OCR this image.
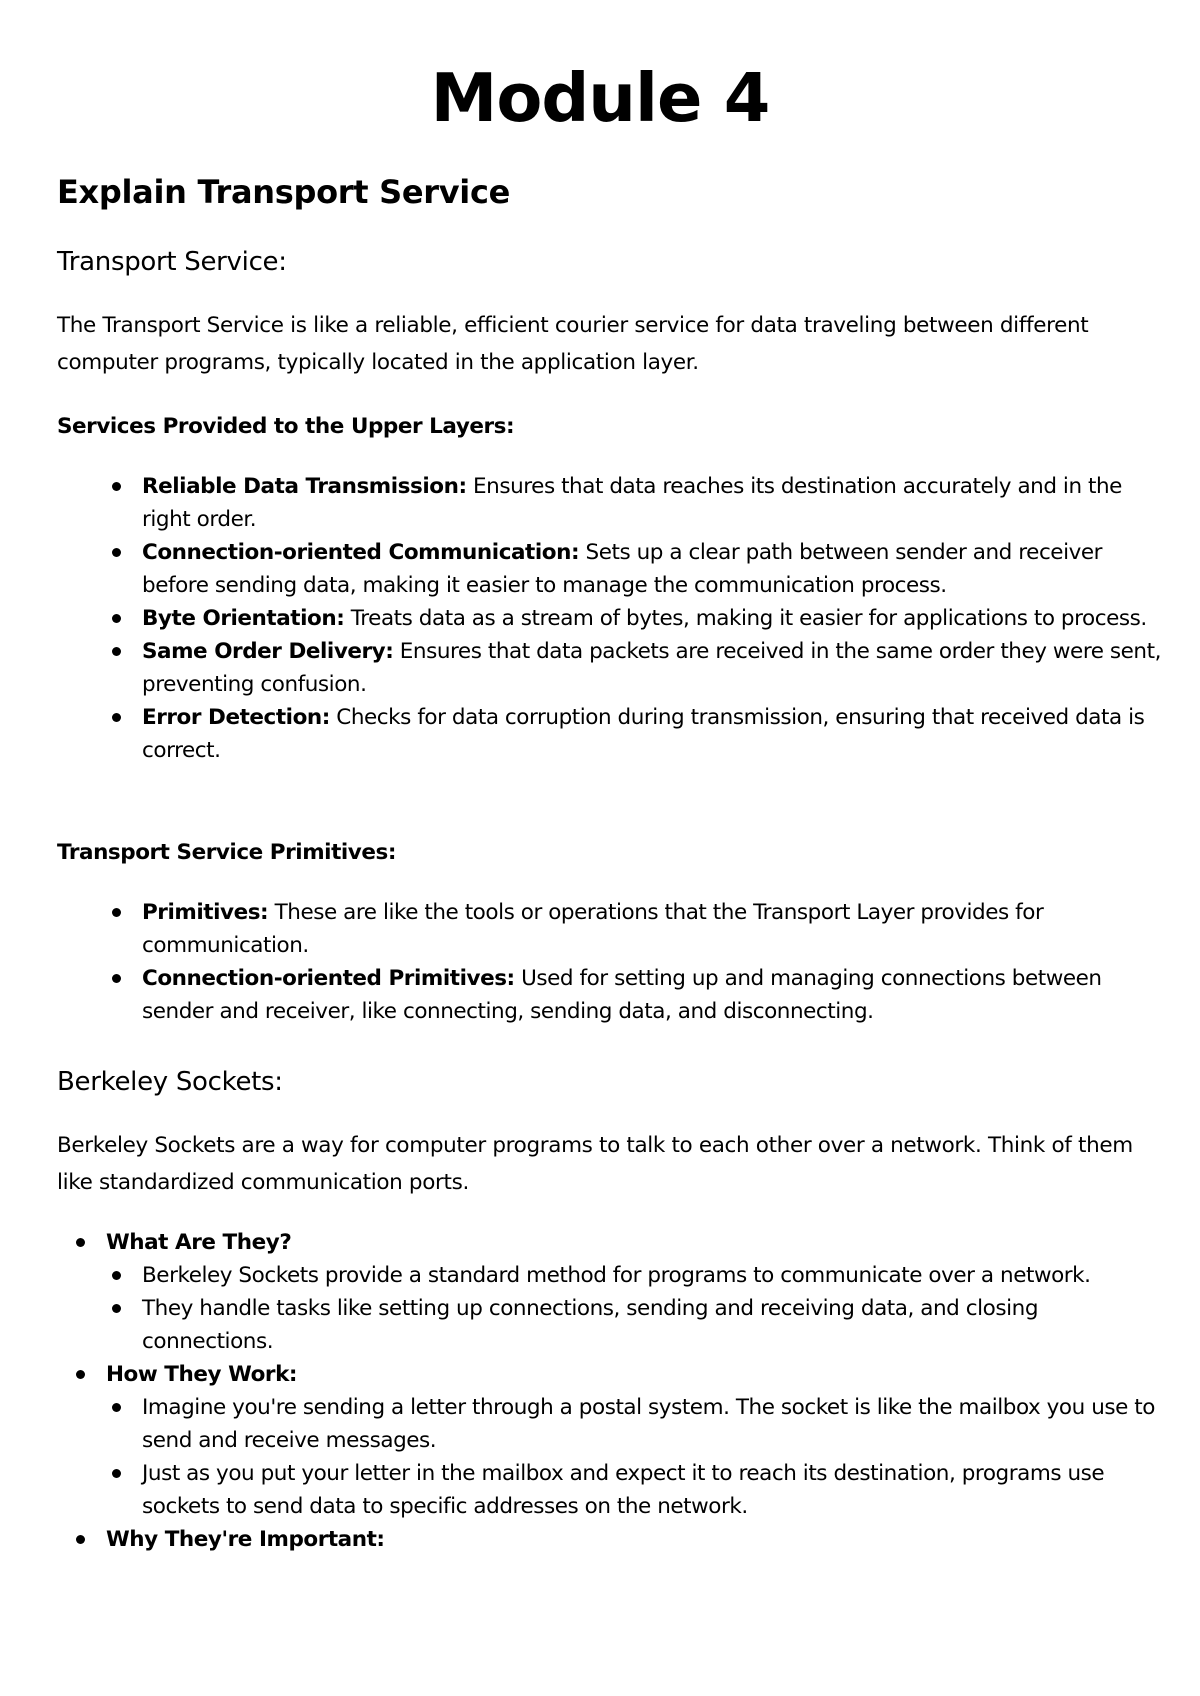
Module 4
Explain Transport Service
Transport Service:
The Transport Service is like a reliable, efficient courier service for data traveling between different computer programs, typically located in the application layer.
Services Provided to the Upper Layers:
Reliable Data Transmission: Ensures that data reaches its destination accurately and in the right order.
Connection-oriented Communication: Sets up a clear path between sender and receiver before sending data, making it easier to manage the communication process.
Byte Orientation: Treats data as a stream of bytes, making it easier for applications to process.
Same Order Delivery: Ensures that data packets are received in the same order they were sent, preventing confusion.
Error Detection: Checks for data corruption during transmission, ensuring that received data is correct.
Transport Service Primitives:
Primitives: These are like the tools or operations that the Transport Layer provides for communication.
Connection-oriented Primitives: Used for setting up and managing connections between sender and receiver, like connecting, sending data, and disconnecting.
Berkeley Sockets:
Berkeley Sockets are a way for computer programs to talk to each other over a network. Think of them like standardized communication ports.
What Are They?
Berkeley Sockets provide a standard method for programs to communicate over a network.
They handle tasks like setting up connections, sending and receiving data, and closing connections.
How They Work:
Imagine you're sending a letter through a postal system. The socket is like the mailbox you use to send and receive messages.
Just as you put your letter in the mailbox and expect it to reach its destination, programs use sockets to send data to specific addresses on the network.
Why They're Important:
